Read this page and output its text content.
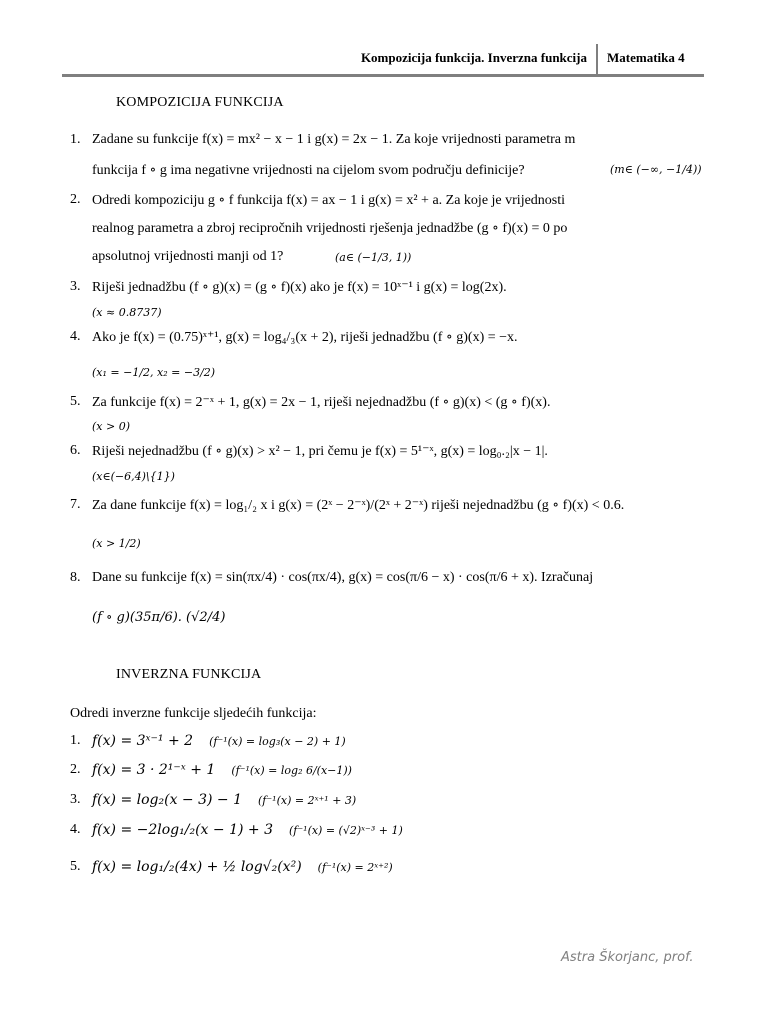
Kompozicija funkcija. Inverzna funkcija Matematika 4
KOMPOZICIJA FUNKCIJA
1. Zadane su funkcije f(x) = mx² − x − 1 i g(x) = 2x − 1. Za koje vrijednosti parametra m
funkcija f ∘ g ima negativne vrijednosti na cijelom svom području definicije?	(m∈ (−∞, −1/4))
2. Odredi kompoziciju g ∘ f funkcija f(x) = ax − 1 i g(x) = x² + a. Za koje je vrijednosti
realnog parametra a zbroj recipročnih vrijednosti rješenja jednadžbe (g ∘ f)(x) = 0 po
apsolutnoj vrijednosti manji od 1?	(a∈ (−1/3, 1))
3. Riješi jednadžbu (f ∘ g)(x) = (g ∘ f)(x) ako je f(x) = 10ˣ⁻¹ i g(x) = log(2x).
(x ≈ 0.8737)
4. Ako je f(x) = (0.75)ˣ⁺¹, g(x) = log₄/₃(x + 2), riješi jednadžbu (f ∘ g)(x) = −x.
(x₁ = −1/2, x₂ = −3/2)
5. Za funkcije f(x) = 2⁻ˣ + 1, g(x) = 2x − 1, riješi nejednadžbu (f ∘ g)(x) < (g ∘ f)(x).
(x > 0)
6. Riješi nejednadžbu (f ∘ g)(x) > x² − 1, pri čemu je f(x) = 5¹⁻ˣ, g(x) = log₀.₂|x − 1|.
(x∈(−6,4)\{1})
7. Za dane funkcije f(x) = log₁/₂ x i g(x) = (2ˣ − 2⁻ˣ)/(2ˣ + 2⁻ˣ) riješi nejednadžbu (g ∘ f)(x) < 0.6.
(x > 1/2)
8. Dane su funkcije f(x) = sin(πx/4) · cos(πx/4), g(x) = cos(π/6 − x) · cos(π/6 + x). Izračunaj
(f ∘ g)(35π/6). (√2/4)
INVERZNA FUNKCIJA
Odredi inverzne funkcije sljedećih funkcija:
1. f(x) = 3ˣ⁻¹ + 2 (f⁻¹(x) = log₃(x − 2) + 1)
2. f(x) = 3 · 2¹⁻ˣ + 1 (f⁻¹(x) = log₂ 6/(x−1))
3. f(x) = log₂(x − 3) − 1 (f⁻¹(x) = 2ˣ⁺¹ + 3)
4. f(x) = −2log₁/₂(x − 1) + 3 (f⁻¹(x) = (√2)ˣ⁻³ + 1)
5. f(x) = log₁/₂(4x) + ½ log√₂(x²) (f⁻¹(x) = 2ˣ⁺²)
Astra Škorjanc, prof.
